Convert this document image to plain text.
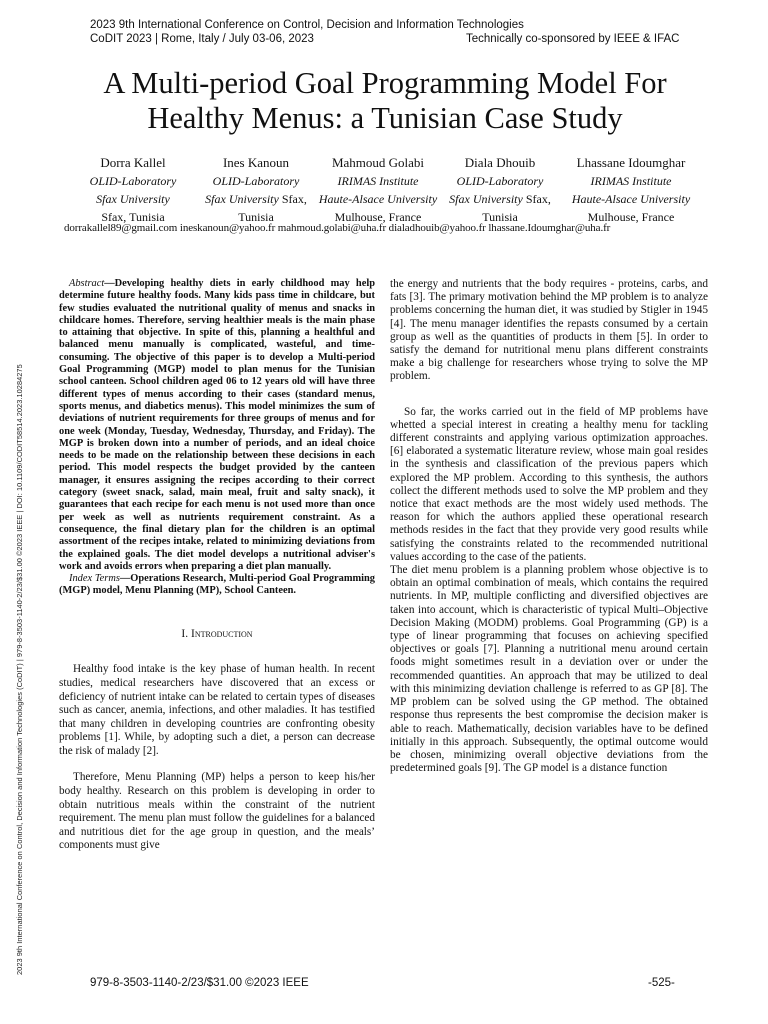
2023 9th International Conference on Control, Decision and Information Technologies
CoDIT 2023 | Rome, Italy / July 03-06, 2023	Technically co-sponsored by IEEE & IFAC
A Multi-period Goal Programming Model For
Healthy Menus: a Tunisian Case Study
Dorra Kallel
OLID-Laboratory
Sfax University
Sfax, Tunisia
Ines Kanoun
OLID-Laboratory
Sfax University Sfax,
Tunisia
Mahmoud Golabi
IRIMAS Institute
Haute-Alsace University
Mulhouse, France
Diala Dhouib
OLID-Laboratory
Sfax University Sfax,
Tunisia
Lhassane Idoumghar
IRIMAS Institute
Haute-Alsace University
Mulhouse, France
dorrakallel89@gmail.com ineskanoun@yahoo.fr mahmoud.golabi@uha.fr dialadhouib@yahoo.fr lhassane.Idoumghar@uha.fr
2023 9th International Conference on Control, Decision and Information Technologies (CoDIT) | 979-8-3503-1140-2/23/$31.00 ©2023 IEEE | DOI: 10.1109/CODIT58514.2023.10284275

Abstract—Developing healthy diets in early childhood may help determine future healthy foods. Many kids pass time in childcare, but few studies evaluated the nutritional quality of menus and snacks in childcare homes. Therefore, serving healthier meals is the main phase to attaining that objective. In spite of this, planning a healthful and balanced menu manually is complicated, wasteful, and time-consuming. The objective of this paper is to develop a Multi-period Goal Programming (MGP) model to plan menus for the Tunisian school canteen. School children aged 06 to 12 years old will have three different types of menus according to their cases (standard menus, sports menus, and diabetics menus). This model minimizes the sum of deviations of nutrient requirements for three groups of menus and for one week (Monday, Tuesday, Wednesday, Thursday, and Friday). The MGP is broken down into a number of periods, and an ideal choice needs to be made on the relationship between these decisions in each period. This model respects the budget provided by the canteen manager, it ensures assigning the recipes according to their correct category (sweet snack, salad, main meal, fruit and salty snack), it guarantees that each recipe for each menu is not used more than once per week as well as nutrients requirement constraint. As a consequence, the final dietary plan for the children is an optimal assortment of the recipes intake, related to minimizing deviations from the explained goals. The diet model develops a nutritional adviser's work and avoids errors when preparing a diet plan manually.

Index Terms—Operations Research, Multi-period Goal Programming (MGP) model, Menu Planning (MP), School Canteen.

I. Introduction

Healthy food intake is the key phase of human health. In recent studies, medical researchers have discovered that an excess or deficiency of nutrient intake can be related to certain types of diseases such as cancer, anemia, infections, and other maladies. It has testified that many children in developing countries are confronting obesity problems [1]. While, by adopting such a diet, a person can decrease the risk of malady [2].

Therefore, Menu Planning (MP) helps a person to keep his/her body healthy. Research on this problem is developing in order to obtain nutritious meals within the constraint of the nutrient requirement. The menu plan must follow the guidelines for a balanced and nutritious diet for the age group in question, and the meals’ components must give

the energy and nutrients that the body requires - proteins, carbs, and fats [3]. The primary motivation behind the MP problem is to analyze problems concerning the human diet, it was studied by Stigler in 1945 [4]. The menu manager identifies the repasts consumed by a certain group as well as the quantities of products in them [5]. In order to satisfy the demand for nutritional menu plans different constraints make a big challenge for researchers whose trying to solve the MP problem.

So far, the works carried out in the field of MP problems have whetted a special interest in creating a healthy menu for tackling different constraints and applying various optimization approaches. [6] elaborated a systematic literature review, whose main goal resides in the synthesis and classification of the previous papers which explored the MP problem. According to this synthesis, the authors collect the different methods used to solve the MP problem and they notice that exact methods are the most widely used methods. The reason for which the authors applied these operational research methods resides in the fact that they provide very good results while satisfying the constraints related to the recommended nutritional values according to the case of the patients.

The diet menu problem is a planning problem whose objective is to obtain an optimal combination of meals, which contains the required nutrients. In MP, multiple conflicting and diversified objectives are taken into account, which is characteristic of typical Multi–Objective Decision Making (MODM) problems. Goal Programming (GP) is a type of linear programming that focuses on achieving specified objectives or goals [7]. Planning a nutritional menu around certain foods might sometimes result in a deviation over or under the recommended quantities. An approach that may be utilized to deal with this minimizing deviation challenge is referred to as GP [8]. The MP problem can be solved using the GP method. The obtained response thus represents the best compromise the decision maker is able to reach. Mathematically, decision variables have to be defined initially in this approach. Subsequently, the optimal outcome would be chosen, minimizing overall objective deviations from the predetermined goals [9]. The GP model is a distance function

979-8-3503-1140-2/23/$31.00 ©2023 IEEE	-525-
